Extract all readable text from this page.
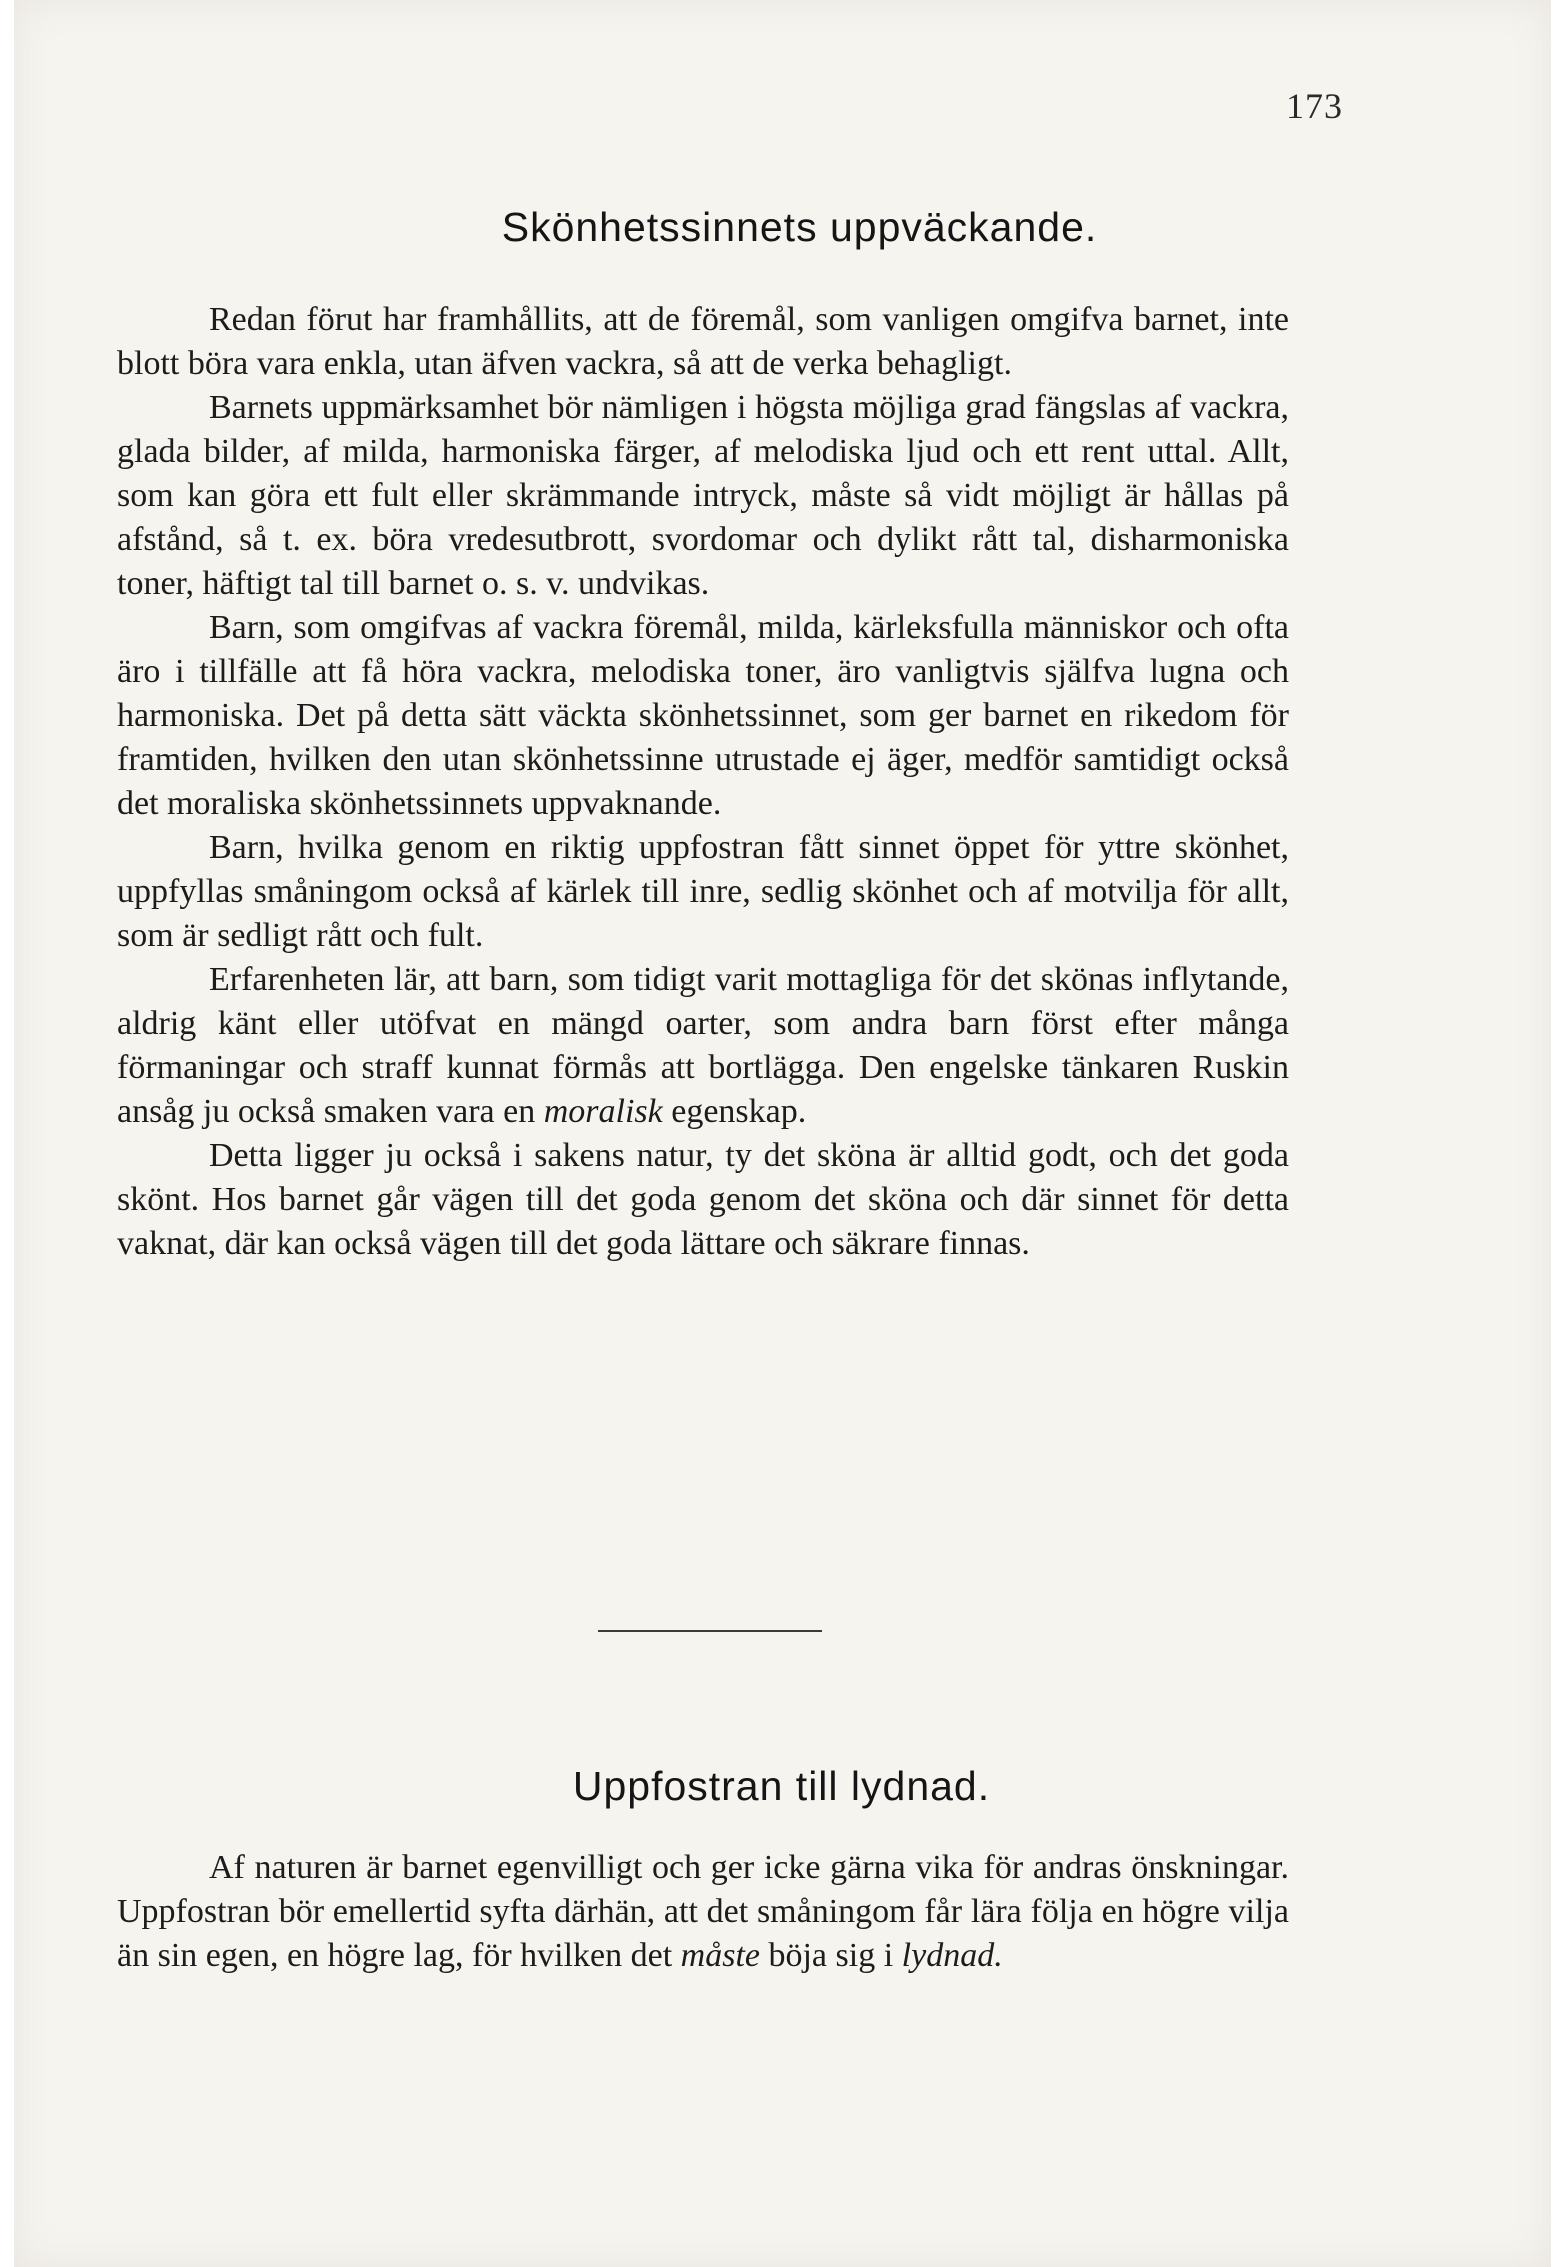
173
Skönhetssinnets uppväckande.

Redan förut har framhållits, att de föremål, som vanligen omgifva barnet, inte blott böra vara enkla, utan äfven vackra, så att de verka behagligt.

Barnets uppmärksamhet bör nämligen i högsta möjliga grad fängslas af vackra, glada bilder, af milda, harmoniska färger, af melodiska ljud och ett rent uttal. Allt, som kan göra ett fult eller skrämmande intryck, måste så vidt möjligt är hållas på afstånd, så t. ex. böra vredesutbrott, svordomar och dylikt rått tal, disharmoniska toner, häftigt tal till barnet o. s. v. undvikas.

Barn, som omgifvas af vackra föremål, milda, kärleksfulla människor och ofta äro i tillfälle att få höra vackra, melodiska toner, äro vanligtvis själfva lugna och harmoniska. Det på detta sätt väckta skönhetssinnet, som ger barnet en rikedom för framtiden, hvilken den utan skönhetssinne utrustade ej äger, medför samtidigt också det moraliska skönhetssinnets uppvaknande.

Barn, hvilka genom en riktig uppfostran fått sinnet öppet för yttre skönhet, uppfyllas småningom också af kärlek till inre, sedlig skönhet och af motvilja för allt, som är sedligt rått och fult.

Erfarenheten lär, att barn, som tidigt varit mottagliga för det skönas inflytande, aldrig känt eller utöfvat en mängd oarter, som andra barn först efter många förmaningar och straff kunnat förmås att bortlägga. Den engelske tänkaren Ruskin ansåg ju också smaken vara en moralisk egenskap.

Detta ligger ju också i sakens natur, ty det sköna är alltid godt, och det goda skönt. Hos barnet går vägen till det goda genom det sköna och där sinnet för detta vaknat, där kan också vägen till det goda lättare och säkrare finnas.

Uppfostran till lydnad.

Af naturen är barnet egenvilligt och ger icke gärna vika för andras önskningar. Uppfostran bör emellertid syfta därhän, att det småningom får lära följa en högre vilja än sin egen, en högre lag, för hvilken det måste böja sig i lydnad.
